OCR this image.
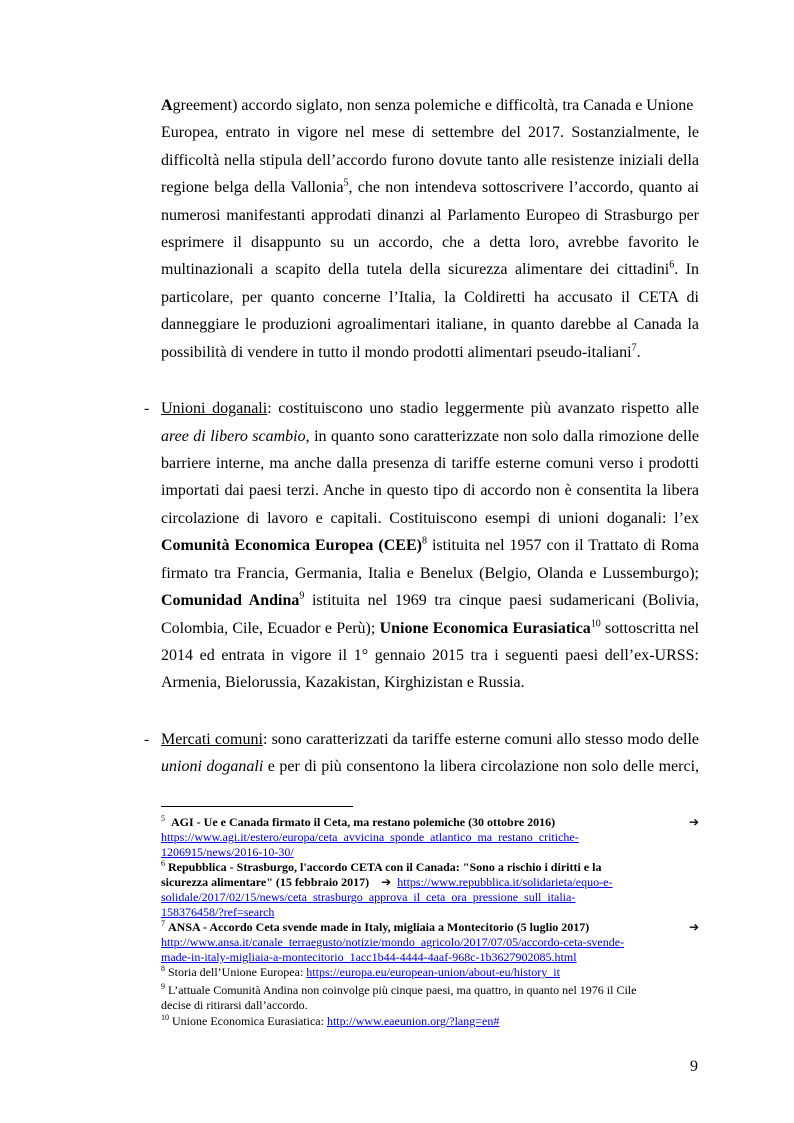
Agreement) accordo siglato, non senza polemiche e difficoltà, tra Canada e Unione
Europea, entrato in vigore nel mese di settembre del 2017. Sostanzialmente, le
difficoltà nella stipula dell’accordo furono dovute tanto alle resistenze iniziali della
regione belga della Vallonia$^5$, che non intendeva sottoscrivere l’accordo, quanto ai
numerosi manifestanti approdati dinanzi al Parlamento Europeo di Strasburgo per
esprimere il disappunto su un accordo, che a detta loro, avrebbe favorito le
multinazionali a scapito della tutela della sicurezza alimentare dei cittadini$^6$. In
particolare, per quanto concerne l’Italia, la Coldiretti ha accusato il CETA di
danneggiare le produzioni agroalimentari italiane, in quanto darebbe al Canada la
possibilità di vendere in tutto il mondo prodotti alimentari pseudo-italiani$^7$.
- Unioni doganali: costituiscono uno stadio leggermente più avanzato rispetto alle
aree di libero scambio, in quanto sono caratterizzate non solo dalla rimozione delle
barriere interne, ma anche dalla presenza di tariffe esterne comuni verso i prodotti
importati dai paesi terzi. Anche in questo tipo di accordo non è consentita la libera
circolazione di lavoro e capitali. Costituiscono esempi di unioni doganali: l’ex
Comunità Economica Europea (CEE)$^8$ istituita nel 1957 con il Trattato di Roma
firmato tra Francia, Germania, Italia e Benelux (Belgio, Olanda e Lussemburgo);
Comunidad Andina$^9$ istituita nel 1969 tra cinque paesi sudamericani (Bolivia,
Colombia, Cile, Ecuador e Perù); Unione Economica Eurasiatica$^{10}$ sottoscritta nel
2014 ed entrata in vigore il 1° gennaio 2015 tra i seguenti paesi dell’ex-URSS:
Armenia, Bielorussia, Kazakistan, Kirghizistan e Russia.
- Mercati comuni: sono caratterizzati da tariffe esterne comuni allo stesso modo delle
unioni doganali e per di più consentono la libera circolazione non solo delle merci,
$^5$ AGI - Ue e Canada firmato il Ceta, ma restano polemiche (30 ottobre 2016)	➔
https://www.agi.it/estero/europa/ceta_avvicina_sponde_atlantico_ma_restano_critiche-
1206915/news/2016-10-30/
$^6$ Repubblica - Strasburgo, l'accordo CETA con il Canada: "Sono a rischio i diritti e la
sicurezza alimentare" (15 febbraio 2017) ➔ https://www.repubblica.it/solidarieta/equo-e-
solidale/2017/02/15/news/ceta_strasburgo_approva_il_ceta_ora_pressione_sull_italia-
158376458/?ref=search
$^7$ ANSA - Accordo Ceta svende made in Italy, migliaia a Montecitorio (5 luglio 2017)	➔
http://www.ansa.it/canale_terraegusto/notizie/mondo_agricolo/2017/07/05/accordo-ceta-svende-
made-in-italy-migliaia-a-montecitorio_1acc1b44-4444-4aaf-968c-1b3627902085.html
$^8$ Storia dell’Unione Europea: https://europa.eu/european-union/about-eu/history_it
$^9$ L’attuale Comunità Andina non coinvolge più cinque paesi, ma quattro, in quanto nel 1976 il Cile
decise di ritirarsi dall’accordo.
$^{10}$ Unione Economica Eurasiatica: http://www.eaeunion.org/?lang=en#
9
